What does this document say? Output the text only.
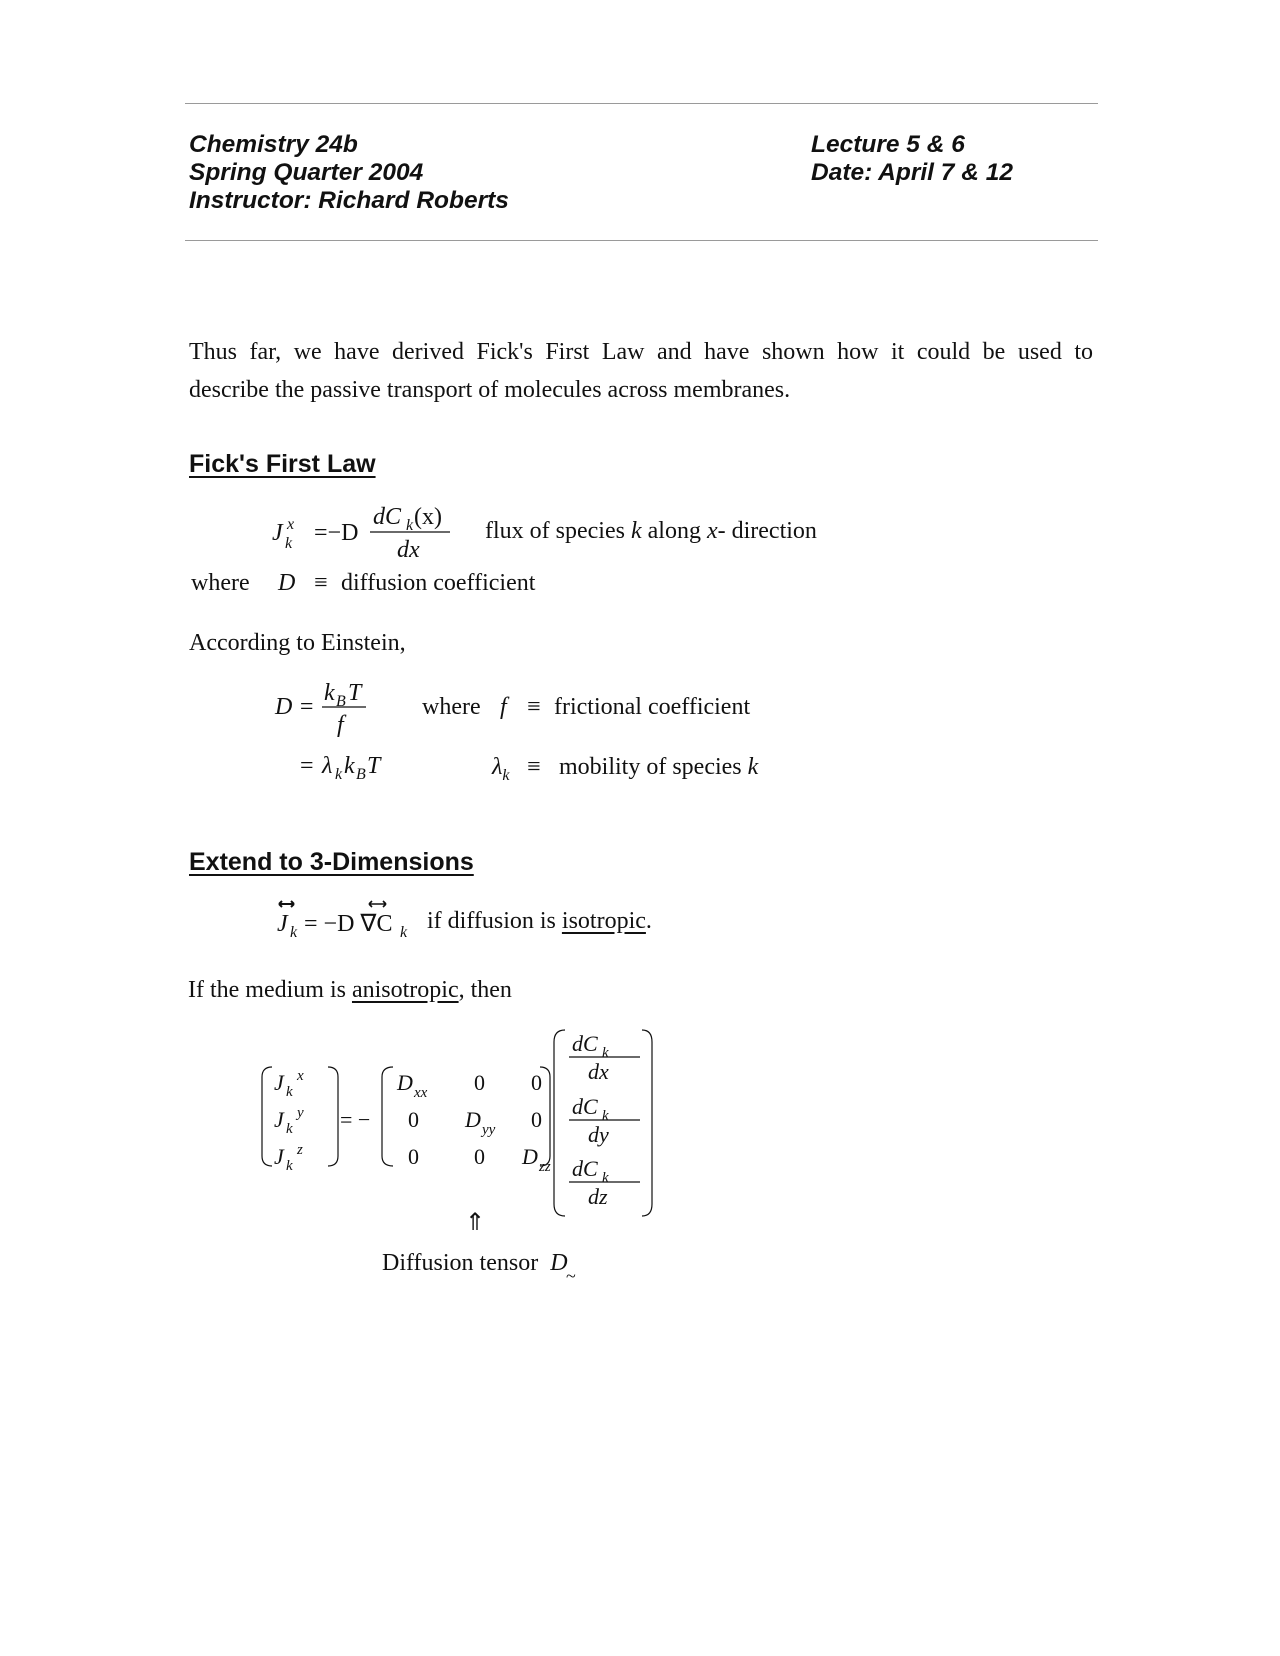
Chemistry 24b
Spring Quarter 2004
Instructor: Richard Roberts
Lecture 5 & 6
Date: April 7 & 12
Thus far, we have derived Fick's First Law and have shown how it could be used to
describe the passive transport of molecules across membranes.
Fick's First Law
J k
x =−D
dC k (x)
dx
flux of species k along x- direction
where D ≡ diffusion coefficient
According to Einstein,
D =
k B T
f
= λ k k B T
where f ≡ frictional coefficient
$\lambda_k$ ≡ mobility of species k
Extend to 3-Dimensions
J k = −D ∇C k if diffusion is isotropic.
If the medium is anisotropic, then
J k
x
J k
y
J k
z
= −
D xx 0 0
0 D yy 0
0	0 D zz
dC k
dx
dC k
dy
dC k
dz
⇑
Diffusion tensor D
~
